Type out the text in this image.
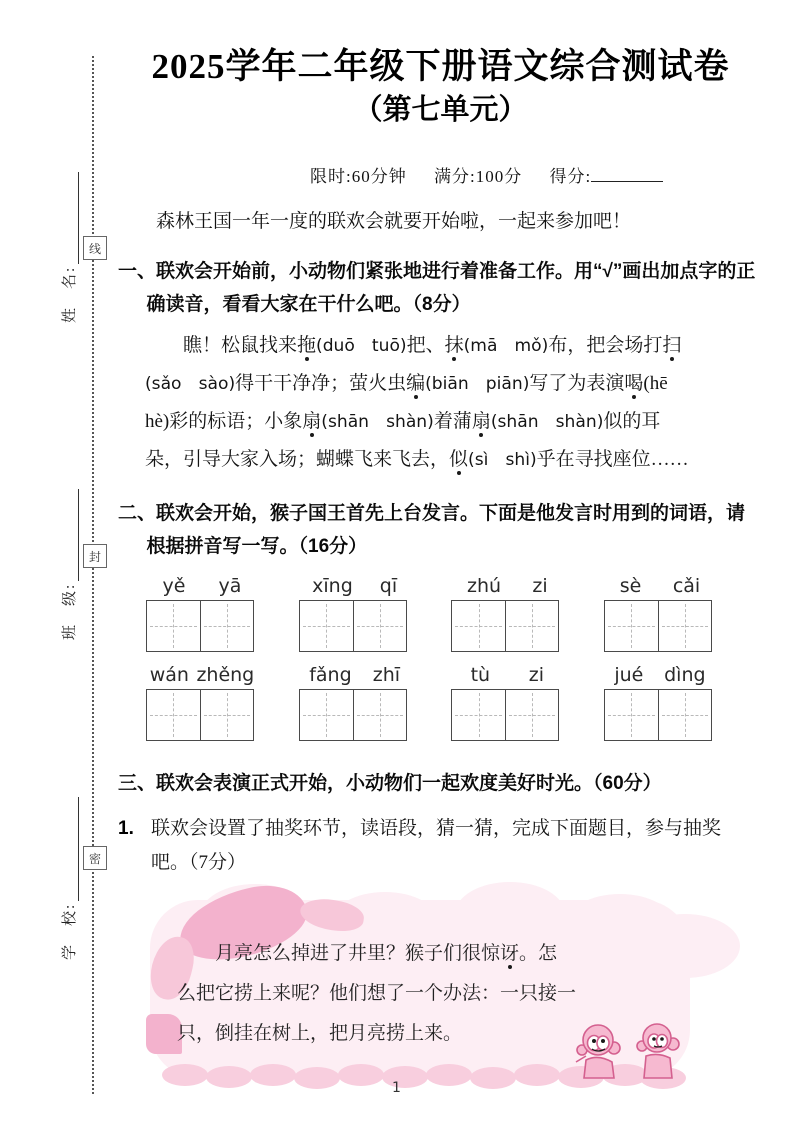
线
封
密
姓　名:
班　级:
学　校:
2025学年二年级下册语文综合测试卷
（第七单元）
限时:60分钟 满分:100分 得分:
森林王国一年一度的联欢会就要开始啦，一起来参加吧！
一、联欢会开始前，小动物们紧张地进行着准备工作。用“√”画出加点字的正确读音，看看大家在干什么吧。（8分）
瞧！松鼠找来拖(duō　tuō)把、抹(mā　mǒ)布，把会场打扫
(sǎo　sào)得干干净净；萤火虫编(biān　piān)写了为表演喝(hē
hè)彩的标语；小象扇(shān　shàn)着蒲扇(shān　shàn)似的耳
朵，引导大家入场；蝴蝶飞来飞去，似(sì　shì)乎在寻找座位……
二、联欢会开始，猴子国王首先上台发言。下面是他发言时用到的词语，请根据拼音写一写。（16分）
yě yā	xīng qī	zhú zi	sè cǎi
wán zhěng	fǎng zhī	tù zi	jué dìng
三、联欢会表演正式开始，小动物们一起欢度美好时光。（60分）
1. 联欢会设置了抽奖环节，读语段，猜一猜，完成下面题目，参与抽奖
吧。（7分）
月亮怎么掉进了井里？猴子们很惊讶。怎
么把它捞上来呢？他们想了一个办法：一只接一
只，倒挂在树上，把月亮捞上来。
1
